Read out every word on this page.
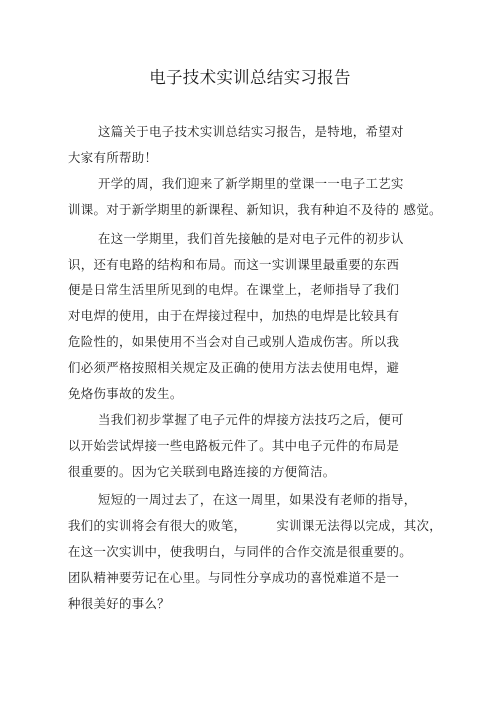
电子技术实训总结实习报告
这篇关于电子技术实训总结实习报告，是特地，希望对
大家有所帮助！
开学的周，我们迎来了新学期里的堂课一一电子工艺实
训课。对于新学期里的新课程、新知识，我有种迫不及待的 感觉。
在这一学期里，我们首先接触的是对电子元件的初步认
识，还有电路的结构和布局。而这一实训课里最重要的东西
便是日常生活里所见到的电焊。在课堂上，老师指导了我们
对电焊的使用，由于在焊接过程中，加热的电焊是比较具有
危险性的，如果使用不当会对自己或别人造成伤害。所以我
们必须严格按照相关规定及正确的使用方法去使用电焊，避
免烙伤事故的发生。
当我们初步掌握了电子元件的焊接方法技巧之后，便可
以开始尝试焊接一些电路板元件了。其中电子元件的布局是
很重要的。因为它关联到电路连接的方便简洁。
短短的一周过去了，在这一周里，如果没有老师的指导，
我们的实训将会有很大的败笔， 实训课无法得以完成，其次，
在这一次实训中，使我明白，与同伴的合作交流是很重要的。
团队精神要劳记在心里。与同性分享成功的喜悦难道不是一
种很美好的事么？
